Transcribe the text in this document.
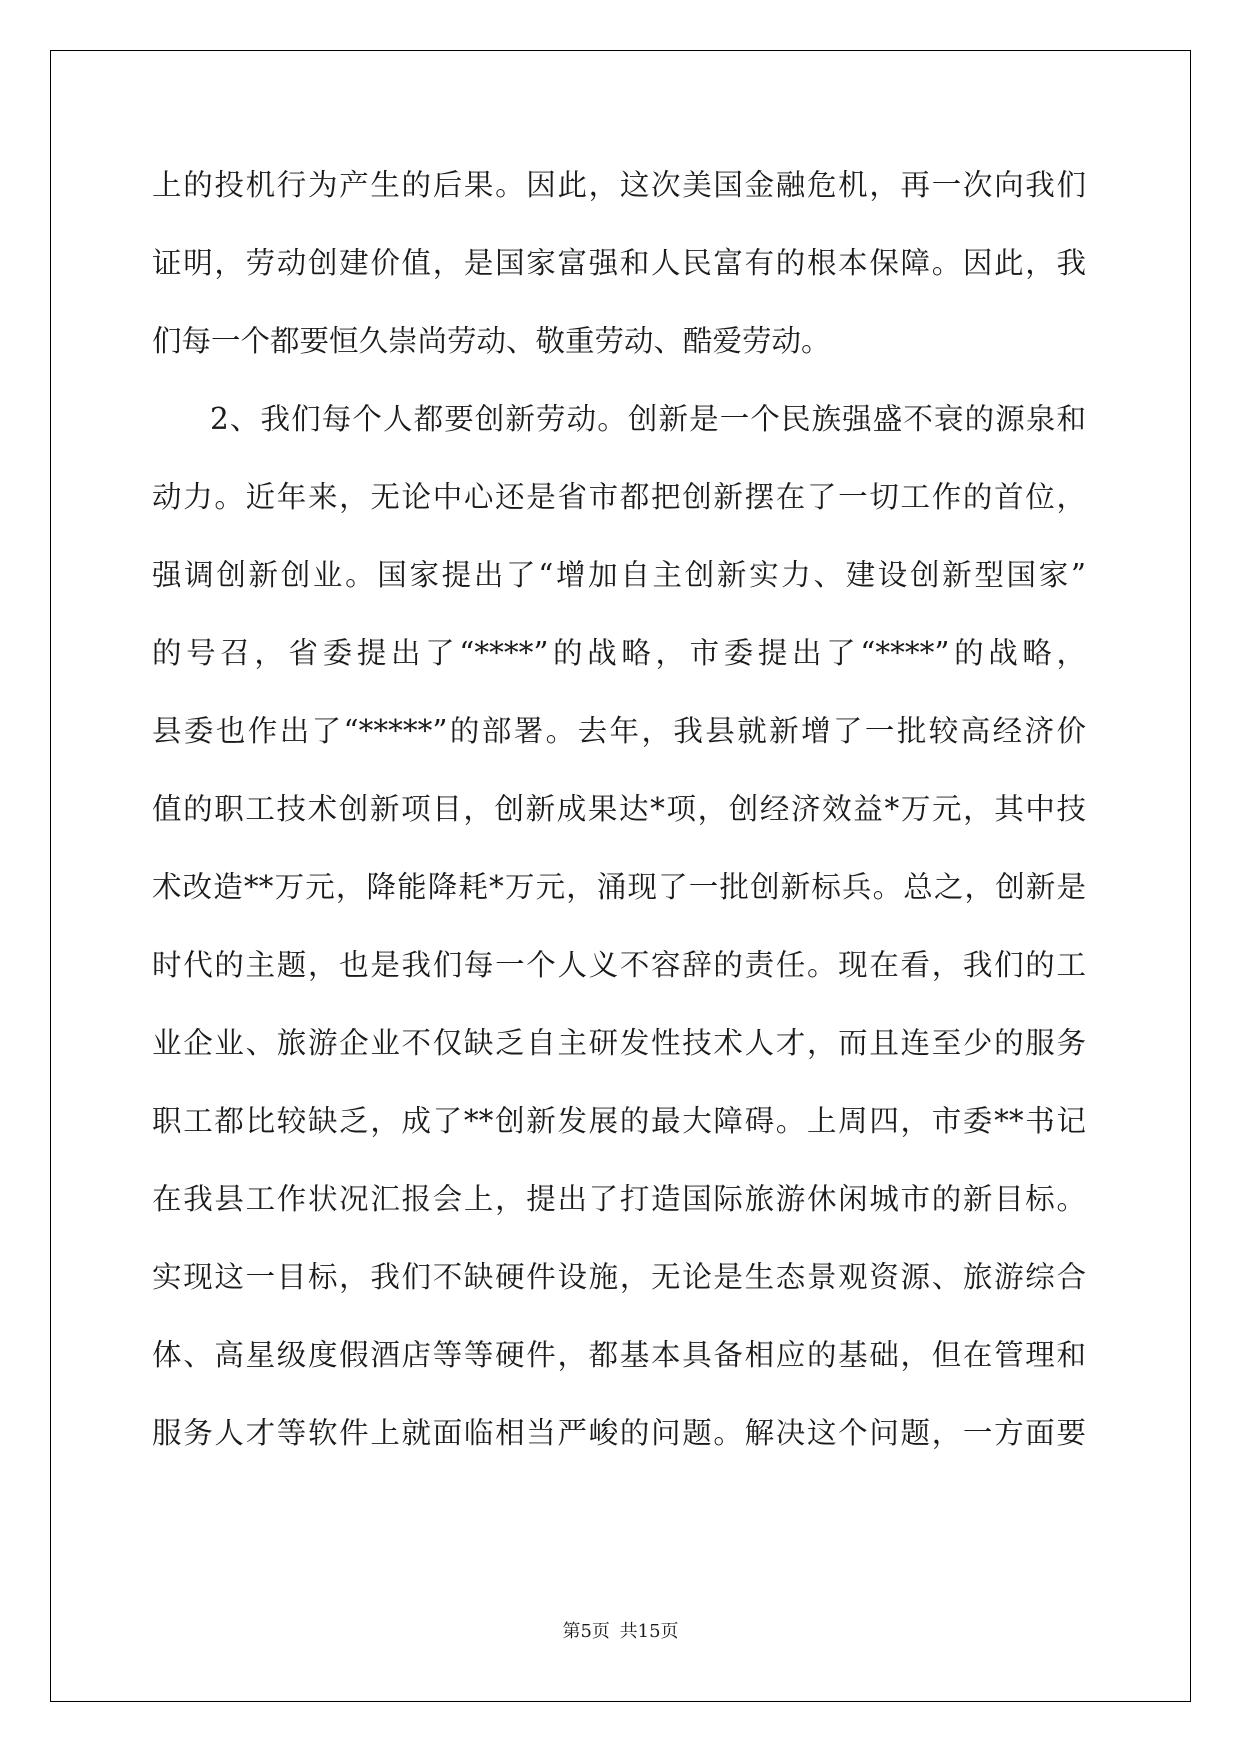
上的投机行为产生的后果。因此，这次美国金融危机，再一次向我们
证明，劳动创建价值，是国家富强和人民富有的根本保障。因此，我
们每一个都要恒久崇尚劳动、敬重劳动、酷爱劳动。
2、我们每个人都要创新劳动。创新是一个民族强盛不衰的源泉和
动力。近年来，无论中心还是省市都把创新摆在了一切工作的首位，
强调创新创业。国家提出了“增加自主创新实力、建设创新型国家”
的号召，省委提出了“****”的战略，市委提出了“****”的战略，
县委也作出了“*****”的部署。去年，我县就新增了一批较高经济价
值的职工技术创新项目，创新成果达*项，创经济效益*万元，其中技
术改造**万元，降能降耗*万元，涌现了一批创新标兵。总之，创新是
时代的主题，也是我们每一个人义不容辞的责任。现在看，我们的工
业企业、旅游企业不仅缺乏自主研发性技术人才，而且连至少的服务
职工都比较缺乏，成了**创新发展的最大障碍。上周四，市委**书记
在我县工作状况汇报会上，提出了打造国际旅游休闲城市的新目标。
实现这一目标，我们不缺硬件设施，无论是生态景观资源、旅游综合
体、高星级度假酒店等等硬件，都基本具备相应的基础，但在管理和
服务人才等软件上就面临相当严峻的问题。解决这个问题，一方面要
第5页 共15页
